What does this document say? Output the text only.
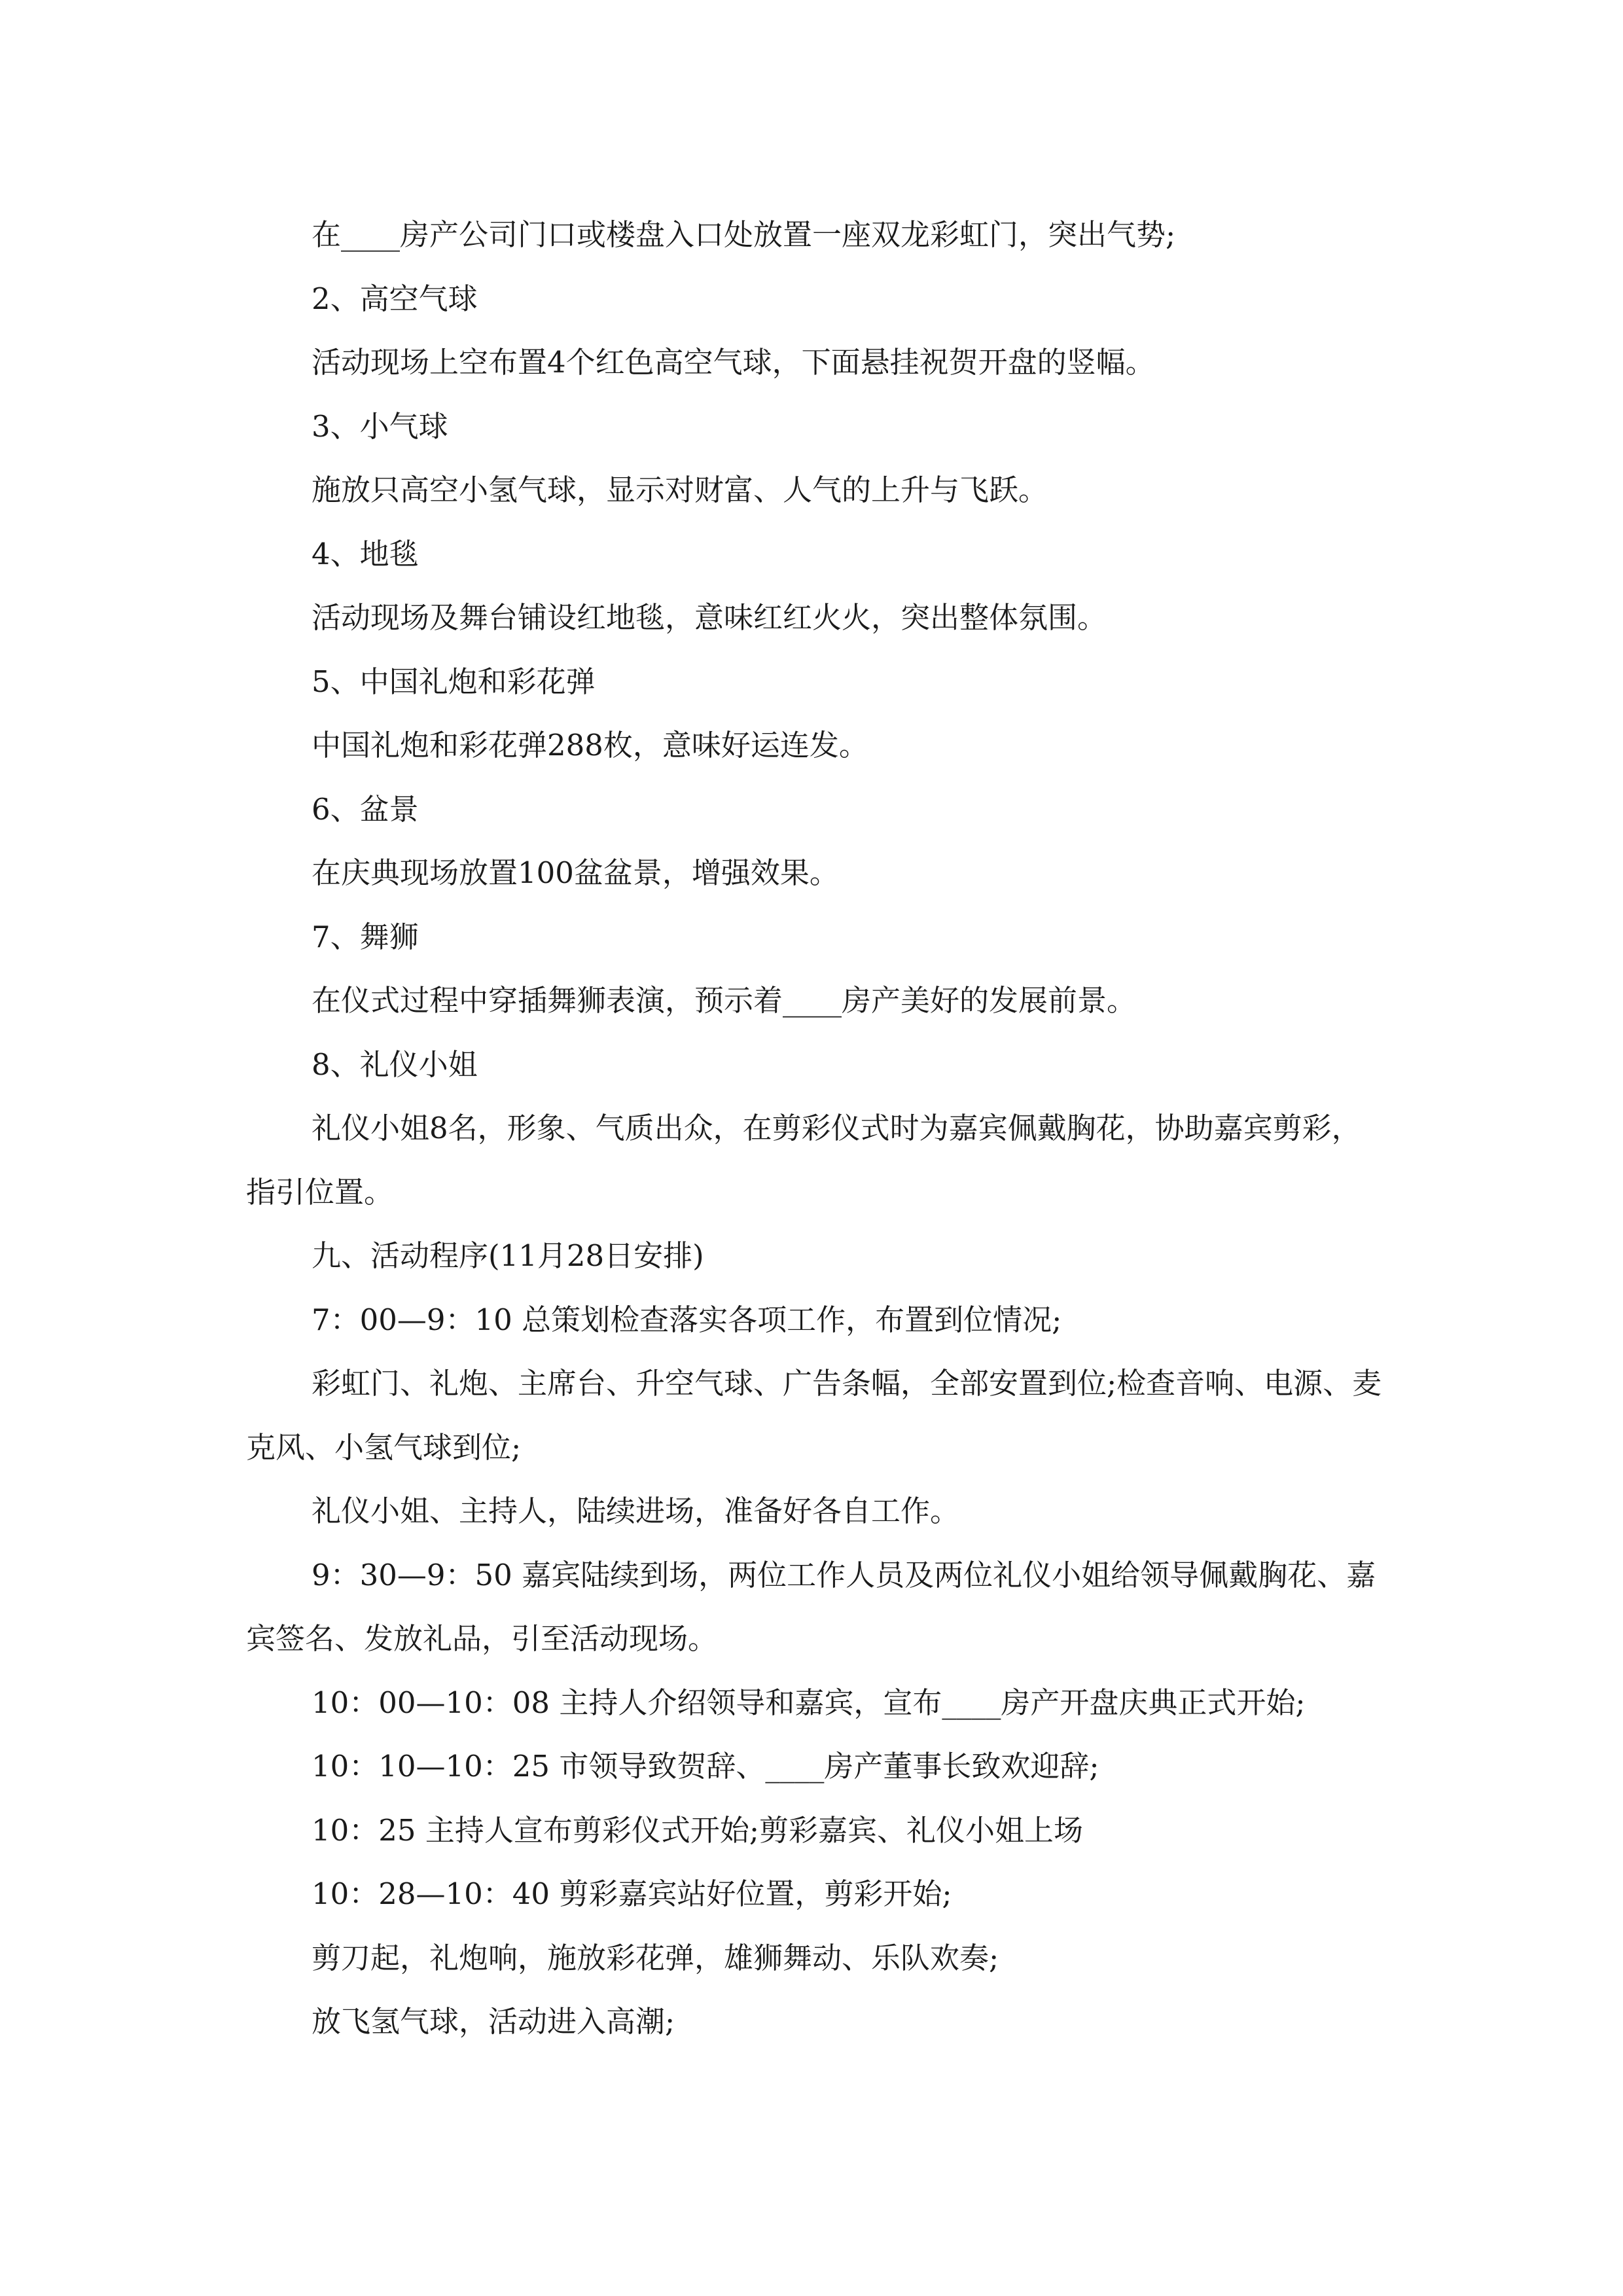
在____房产公司门口或楼盘入口处放置一座双龙彩虹门，突出气势;

2、高空气球

活动现场上空布置4个红色高空气球，下面悬挂祝贺开盘的竖幅。

3、小气球

施放只高空小氢气球，显示对财富、人气的上升与飞跃。

4、地毯

活动现场及舞台铺设红地毯，意味红红火火，突出整体氛围。

5、中国礼炮和彩花弹

中国礼炮和彩花弹288枚，意味好运连发。

6、盆景

在庆典现场放置100盆盆景，增强效果。

7、舞狮

在仪式过程中穿插舞狮表演，预示着____房产美好的发展前景。

8、礼仪小姐

礼仪小姐8名，形象、气质出众，在剪彩仪式时为嘉宾佩戴胸花，协助嘉宾剪彩，指引位置。

九、活动程序(11月28日安排)

7：00—9：10 总策划检查落实各项工作，布置到位情况;

彩虹门、礼炮、主席台、升空气球、广告条幅，全部安置到位;检查音响、电源、麦克风、小氢气球到位;

礼仪小姐、主持人，陆续进场，准备好各自工作。

9：30—9：50 嘉宾陆续到场，两位工作人员及两位礼仪小姐给领导佩戴胸花、嘉宾签名、发放礼品，引至活动现场。

10：00—10：08 主持人介绍领导和嘉宾，宣布____房产开盘庆典正式开始;

10：10—10：25 市领导致贺辞、____房产董事长致欢迎辞;

10：25 主持人宣布剪彩仪式开始;剪彩嘉宾、礼仪小姐上场

10：28—10：40 剪彩嘉宾站好位置，剪彩开始;

剪刀起，礼炮响，施放彩花弹，雄狮舞动、乐队欢奏;

放飞氢气球，活动进入高潮;
